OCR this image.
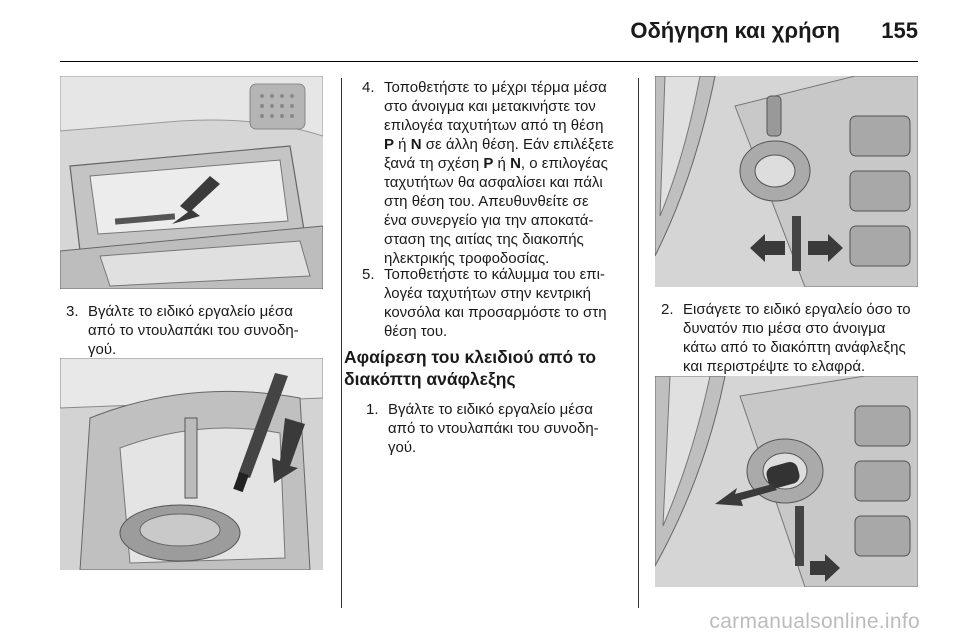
Οδήγηση και χρήση 155
3. Βγάλτε το ειδικό εργαλείο μέσα
από το ντουλαπάκι του συνοδη-
γού.
4. Τοποθετήστε το μέχρι τέρμα μέσα
στο άνοιγμα και μετακινήστε τον
επιλογέα ταχυτήτων από τη θέση
P ή N σε άλλη θέση. Εάν επιλέξετε
ξανά τη σχέση P ή N, ο επιλογέας
ταχυτήτων θα ασφαλίσει και πάλι
στη θέση του. Απευθυνθείτε σε
ένα συνεργείο για την αποκατά-
σταση της αιτίας της διακοπής
ηλεκτρικής τροφοδοσίας.
5. Τοποθετήστε το κάλυμμα του επι-
λογέα ταχυτήτων στην κεντρική
κονσόλα και προσαρμόστε το στη
θέση του.
Αφαίρεση του κλειδιού από το
διακόπτη ανάφλεξης
1. Βγάλτε το ειδικό εργαλείο μέσα
από το ντουλαπάκι του συνοδη-
γού.
2. Εισάγετε το ειδικό εργαλείο όσο το
δυνατόν πιο μέσα στο άνοιγμα
κάτω από το διακόπτη ανάφλεξης
και περιστρέψτε το ελαφρά.
carmanualsonline.info
